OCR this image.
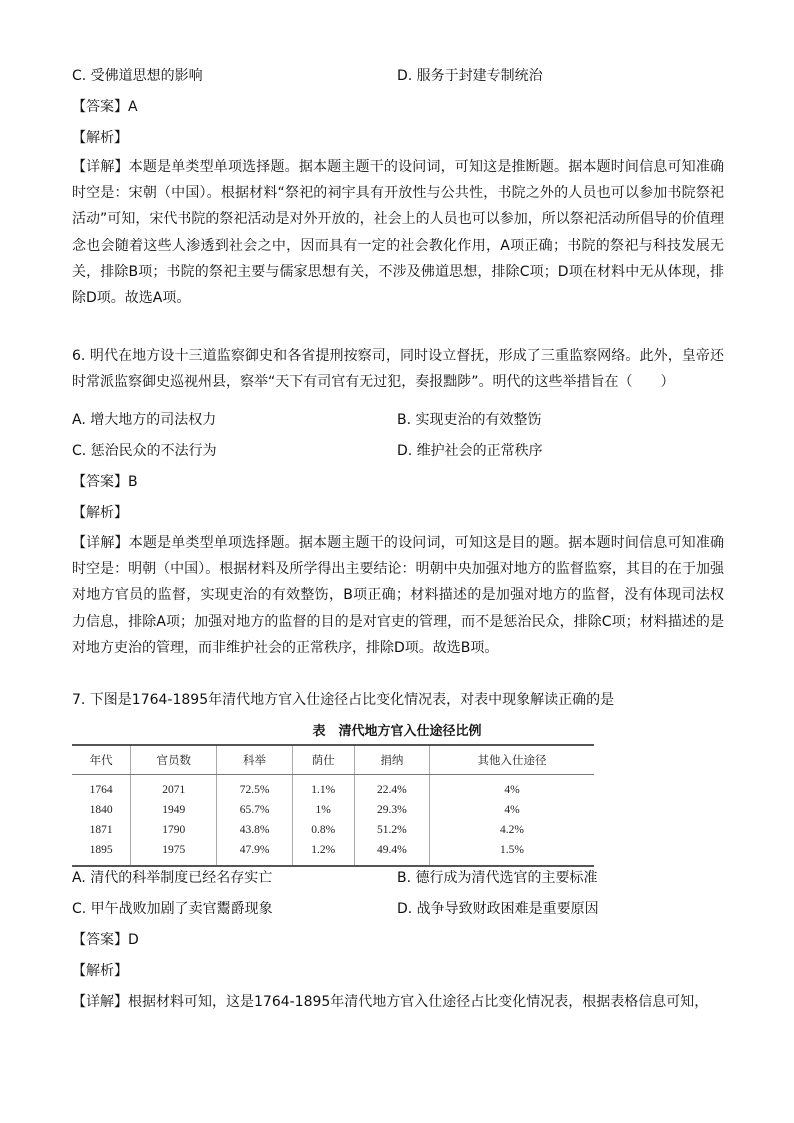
C. 受佛道思想的影响	D. 服务于封建专制统治
【答案】A
【解析】

【详解】本题是单类型单项选择题。据本题主题干的设问词，可知这是推断题。据本题时间信息可知准确时空是：宋朝（中国）。根据材料“祭祀的祠宇具有开放性与公共性，书院之外的人员也可以参加书院祭祀活动”可知，宋代书院的祭祀活动是对外开放的，社会上的人员也可以参加，所以祭祀活动所倡导的价值理念也会随着这些人渗透到社会之中，因而具有一定的社会教化作用，A项正确；书院的祭祀与科技发展无关，排除B项；书院的祭祀主要与儒家思想有关，不涉及佛道思想，排除C项；D项在材料中无从体现，排除D项。故选A项。

6. 明代在地方设十三道监察御史和各省提刑按察司，同时设立督抚，形成了三重监察网络。此外，皇帝还时常派监察御史巡视州县，察举“天下有司官有无过犯，奏报黜陟”。明代的这些举措旨在（　　）

A. 增大地方的司法权力	B. 实现吏治的有效整饬
C. 惩治民众的不法行为	D. 维护社会的正常秩序
【答案】B
【解析】

【详解】本题是单类型单项选择题。据本题主题干的设问词，可知这是目的题。据本题时间信息可知准确时空是：明朝（中国）。根据材料及所学得出主要结论：明朝中央加强对地方的监督监察，其目的在于加强对地方官员的监督，实现吏治的有效整饬，B项正确；材料描述的是加强对地方的监督，没有体现司法权力信息，排除A项；加强对地方的监督的目的是对官吏的管理，而不是惩治民众，排除C项；材料描述的是对地方吏治的管理，而非维护社会的正常秩序，排除D项。故选B项。

7. 下图是1764-1895年清代地方官入仕途径占比变化情况表，对表中现象解读正确的是
表　清代地方官入仕途径比例
年代	官员数	科举	荫仕	捐纳	其他入仕途径
1764	2071	72.5%	1.1%	22.4%	4%
1840	1949	65.7%	1%	29.3%	4%
1871	1790	43.8%	0.8%	51.2%	4.2%
1895	1975	47.9%	1.2%	49.4%	1.5%
A. 清代的科举制度已经名存实亡	B. 德行成为清代选官的主要标准
C. 甲午战败加剧了卖官鬻爵现象	D. 战争导致财政困难是重要原因
【答案】D
【解析】
【详解】根据材料可知，这是1764-1895年清代地方官入仕途径占比变化情况表，根据表格信息可知，
